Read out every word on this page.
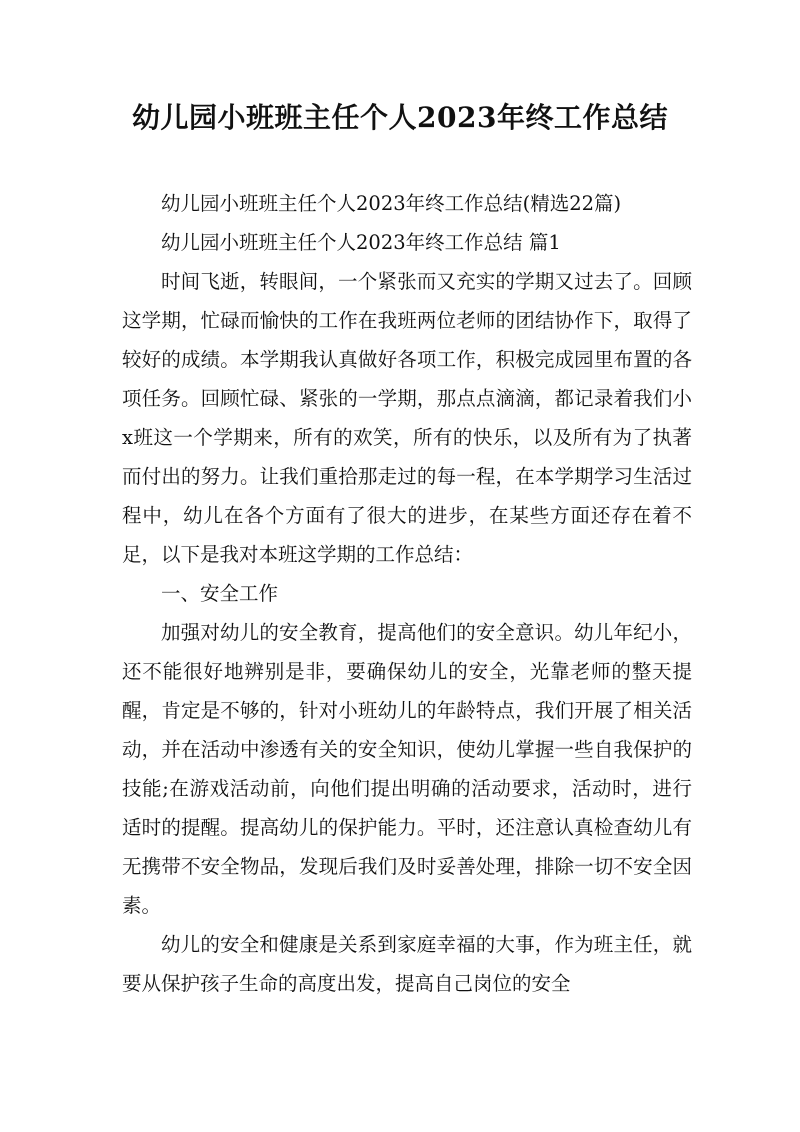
幼儿园小班班主任个人2023年终工作总结

幼儿园小班班主任个人2023年终工作总结(精选22篇)

幼儿园小班班主任个人2023年终工作总结 篇1

时间飞逝，转眼间，一个紧张而又充实的学期又过去了。回顾这学期，忙碌而愉快的工作在我班两位老师的团结协作下，取得了较好的成绩。本学期我认真做好各项工作，积极完成园里布置的各项任务。回顾忙碌、紧张的一学期，那点点滴滴，都记录着我们小x班这一个学期来，所有的欢笑，所有的快乐，以及所有为了执著而付出的努力。让我们重拾那走过的每一程，在本学期学习生活过程中，幼儿在各个方面有了很大的进步，在某些方面还存在着不足，以下是我对本班这学期的工作总结：

一、安全工作

加强对幼儿的安全教育，提高他们的安全意识。幼儿年纪小，还不能很好地辨别是非，要确保幼儿的安全，光靠老师的整天提醒，肯定是不够的，针对小班幼儿的年龄特点，我们开展了相关活动，并在活动中渗透有关的安全知识，使幼儿掌握一些自我保护的技能;在游戏活动前，向他们提出明确的活动要求，活动时，进行适时的提醒。提高幼儿的保护能力。平时，还注意认真检查幼儿有无携带不安全物品，发现后我们及时妥善处理，排除一切不安全因素。

幼儿的安全和健康是关系到家庭幸福的大事，作为班主任，就要从保护孩子生命的高度出发，提高自己岗位的安全
